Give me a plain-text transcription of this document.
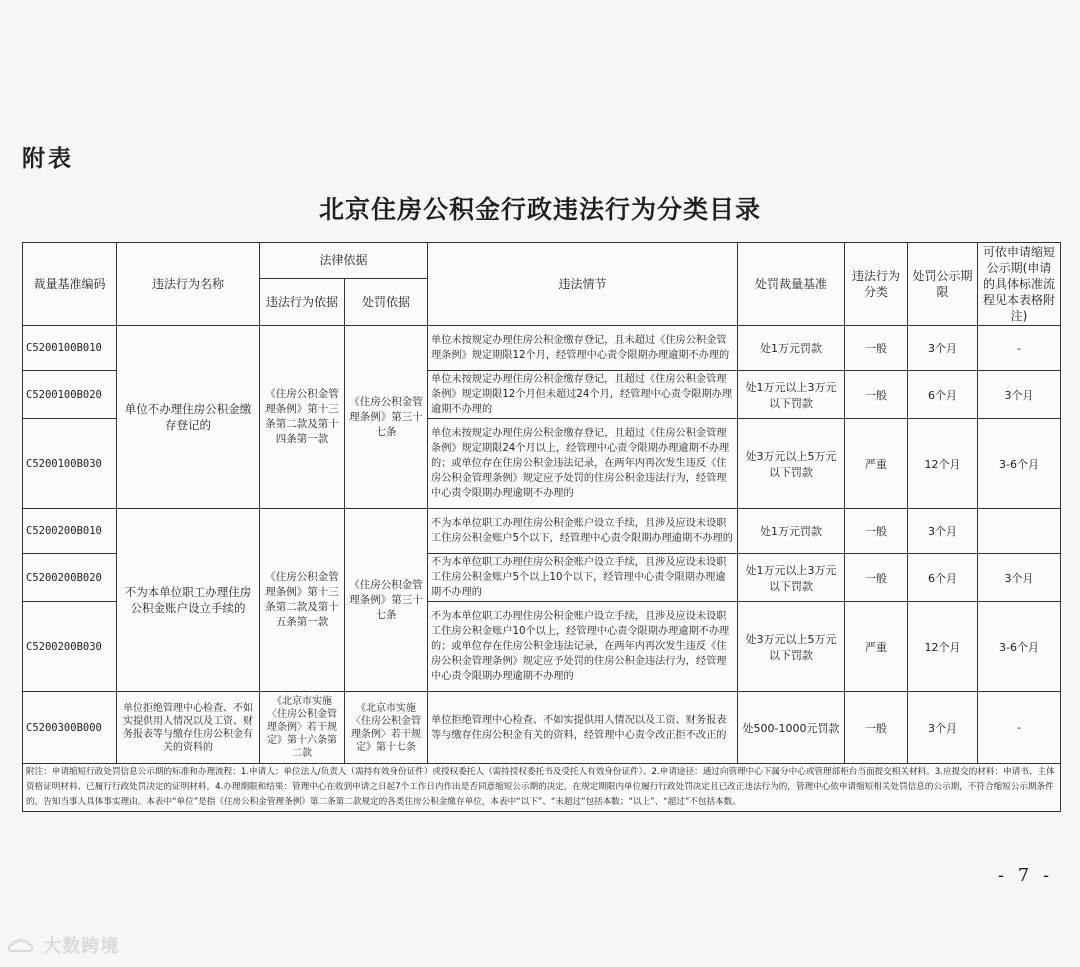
附表
北京住房公积金行政违法行为分类目录
裁量基准编码	违法行为名称	法律依据		违法情节	处罚裁量基准	违法行为分类	处罚公示期限	可依申请缩短公示期(申请的具体标准流程见本表格附注)
		违法行为依据	处罚依据					
C5200100B010	单位不办理住房公积金缴存登记的	《住房公积金管理条例》第十三条第二款及第十四条第一款	《住房公积金管理条例》第三十七条	单位未按规定办理住房公积金缴存登记，且未超过《住房公积金管理条例》规定期限12个月，经管理中心责令限期办理逾期不办理的	处1万元罚款	一般	3个月	-
C5200100B020				单位未按规定办理住房公积金缴存登记，且超过《住房公积金管理条例》规定期限12个月但未超过24个月，经管理中心责令限期办理逾期不办理的	处1万元以上3万元以下罚款	一般	6个月	3个月
C5200100B030				单位未按规定办理住房公积金缴存登记，且超过《住房公积金管理条例》规定期限24个月以上，经管理中心责令限期办理逾期不办理的；或单位存在住房公积金违法记录，在两年内再次发生违反《住房公积金管理条例》规定应予处罚的住房公积金违法行为，经管理中心责令限期办理逾期不办理的	处3万元以上5万元以下罚款	严重	12个月	3-6个月
C5200200B010	不为本单位职工办理住房公积金账户设立手续的	《住房公积金管理条例》第十三条第二款及第十五条第一款	《住房公积金管理条例》第三十七条	不为本单位职工办理住房公积金账户设立手续，且涉及应设未设职工住房公积金账户5个以下，经管理中心责令限期办理逾期不办理的	处1万元罚款	一般	3个月	
C5200200B020				不为本单位职工办理住房公积金账户设立手续，且涉及应设未设职工住房公积金账户5个以上10个以下，经管理中心责令限期办理逾期不办理的	处1万元以上3万元以下罚款	一般	6个月	3个月
C5200200B030				不为本单位职工办理住房公积金账户设立手续，且涉及应设未设职工住房公积金账户10个以上，经管理中心责令限期办理逾期不办理的；或单位存在住房公积金违法记录，在两年内再次发生违反《住房公积金管理条例》规定应予处罚的住房公积金违法行为，经管理中心责令限期办理逾期不办理的	处3万元以上5万元以下罚款	严重	12个月	3-6个月
C5200300B000	单位拒绝管理中心检查、不如实提供用人情况以及工资、财务报表等与缴存住房公积金有关的资料的	《北京市实施〈住房公积金管理条例〉若干规定》第十六条第二款	《北京市实施〈住房公积金管理条例〉若干规定》第十七条	单位拒绝管理中心检查、不如实提供用人情况以及工资、财务报表等与缴存住房公积金有关的资料，经管理中心责令改正拒不改正的	处500-1000元罚款	一般	3个月	-
附注：申请缩短行政处罚信息公示期的标准和办理流程：1.申请人：单位法人/负责人（需持有效身份证件）或授权委托人（需持授权委托书及受托人有效身份证件）。2.申请途径：通过向管理中心下属分中心或管理部柜台当面提交相关材料。3.应提交的材料：申请书、主体资格证明材料、已履行行政处罚决定的证明材料。4.办理期限和结果：管理中心在收到申请之日起7个工作日内作出是否同意缩短公示期的决定，在规定期限内单位履行行政处罚决定且已改正违法行为的，管理中心依申请缩短相关处罚信息的公示期，不符合缩短公示期条件的，告知当事人具体事实理由。本表中“单位”是指《住房公积金管理条例》第二条第二款规定的各类住房公积金缴存单位，本表中“以下”、“未超过”包括本数；“以上”、“超过”不包括本数。								
- 7 -
大数跨境
